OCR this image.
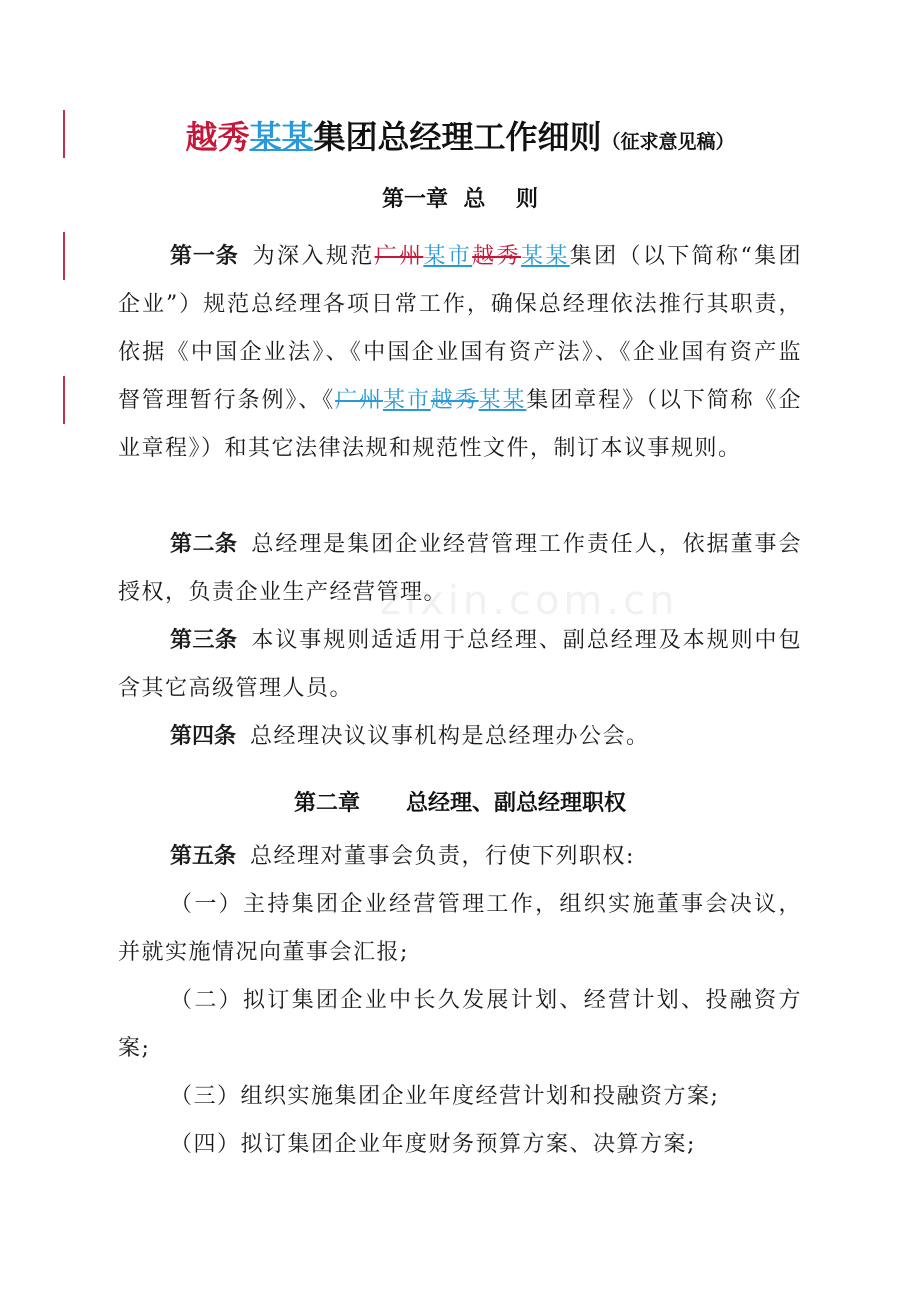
zixin.com.cn
越秀某某集团总经理工作细则（征求意见稿）
第一章  总    则
第一条 为深入规范广州某市越秀某某集团（以下简称“集团企业”）规范总经理各项日常工作，确保总经理依法推行其职责，依据《中国企业法》、《中国企业国有资产法》、《企业国有资产监督管理暂行条例》、《广州某市越秀某某集团章程》（以下简称《企业章程》）和其它法律法规和规范性文件，制订本议事规则。
第二条 总经理是集团企业经营管理工作责任人，依据董事会授权，负责企业生产经营管理。
第三条 本议事规则适适用于总经理、副总经理及本规则中包含其它高级管理人员。
第四条 总经理决议议事机构是总经理办公会。
第二章      总经理、副总经理职权
第五条 总经理对董事会负责，行使下列职权:
（一）主持集团企业经营管理工作，组织实施董事会决议，并就实施情况向董事会汇报;
（二）拟订集团企业中长久发展计划、经营计划、投融资方案;
（三）组织实施集团企业年度经营计划和投融资方案;
（四）拟订集团企业年度财务预算方案、决算方案;
